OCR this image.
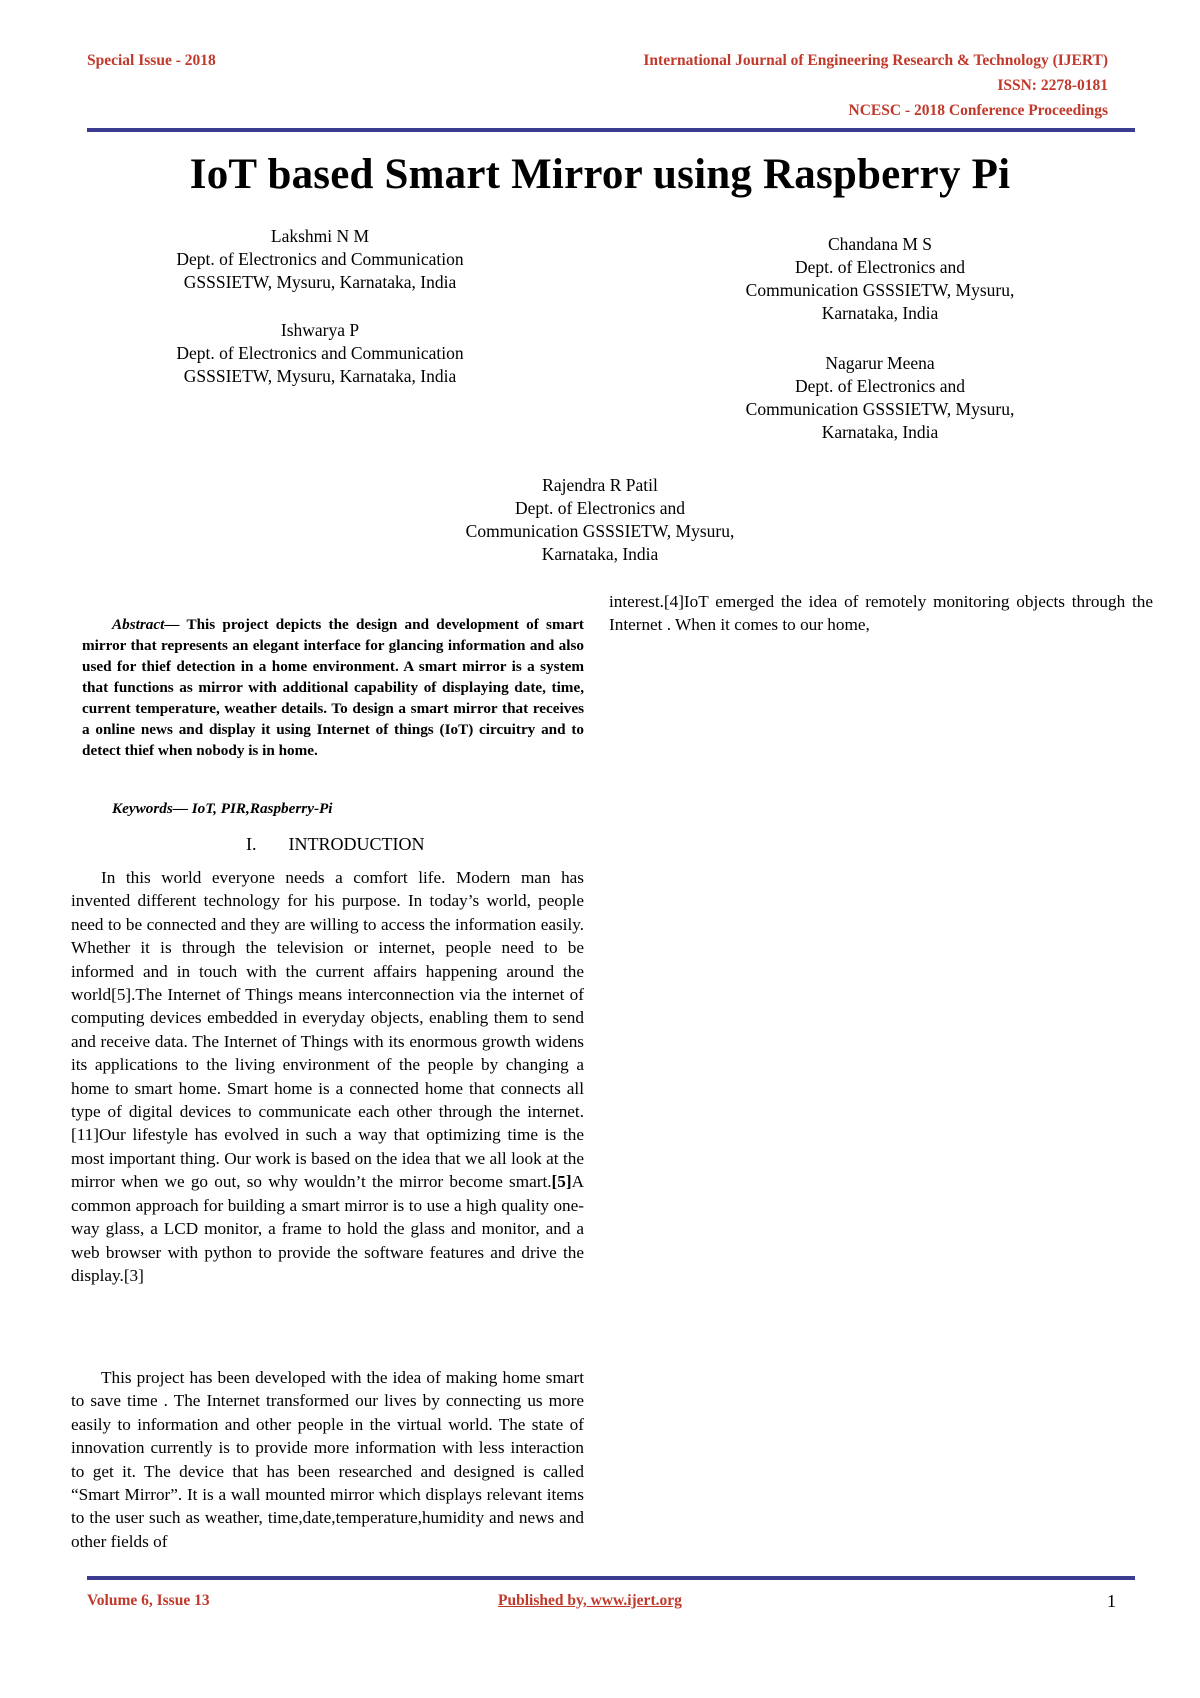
Special Issue - 2018	International Journal of Engineering Research & Technology (IJERT)
ISSN: 2278-0181
NCESC - 2018 Conference Proceedings
IoT based Smart Mirror using Raspberry Pi
Lakshmi N M
Dept. of Electronics and Communication
GSSSIETW, Mysuru, Karnataka, India
Ishwarya P
Dept. of Electronics and Communication
GSSSIETW, Mysuru, Karnataka, India
Chandana M S
Dept. of Electronics and
Communication GSSSIETW, Mysuru,
Karnataka, India
Nagarur Meena
Dept. of Electronics and
Communication GSSSIETW, Mysuru,
Karnataka, India
Rajendra R Patil
Dept. of Electronics and
Communication GSSSIETW, Mysuru,
Karnataka, India

Abstract— This project depicts the design and development of smart mirror that represents an elegant interface for glancing information and also used for thief detection in a home environment. A smart mirror is a system that functions as mirror with additional capability of displaying date, time, current temperature, weather details. To design a smart mirror that receives a online news and display it using Internet of things (IoT) circuitry and to detect thief when nobody is in home.

Keywords— IoT, PIR,Raspberry-Pi
I. INTRODUCTION

In this world everyone needs a comfort life. Modern man has invented different technology for his purpose. In today’s world, people need to be connected and they are willing to access the information easily. Whether it is through the television or internet, people need to be informed and in touch with the current affairs happening around the world[5].The Internet of Things means interconnection via the internet of computing devices embedded in everyday objects, enabling them to send and receive data. The Internet of Things with its enormous growth widens its applications to the living environment of the people by changing a home to smart home. Smart home is a connected home that connects all type of digital devices to communicate each other through the internet. [11]Our lifestyle has evolved in such a way that optimizing time is the most important thing. Our work is based on the idea that we all look at the mirror when we go out, so why wouldn’t the mirror become smart.[5]A common approach for building a smart mirror is to use a high quality one-way glass, a LCD monitor, a frame to hold the glass and monitor, and a web browser with python to provide the software features and drive the display.[3]

This project has been developed with the idea of making home smart to save time . The Internet transformed our lives by connecting us more easily to information and other people in the virtual world. The state of innovation currently is to provide more information with less interaction to get it. The device that has been researched and designed is called “Smart Mirror”. It is a wall mounted mirror which displays relevant items to the user such as weather, time,date,temperature,humidity and news and other fields of

interest.[4]IoT emerged the idea of remotely monitoring objects through the Internet . When it comes to our home,

Volume 6, Issue 13	Published by, www.ijert.org	1
